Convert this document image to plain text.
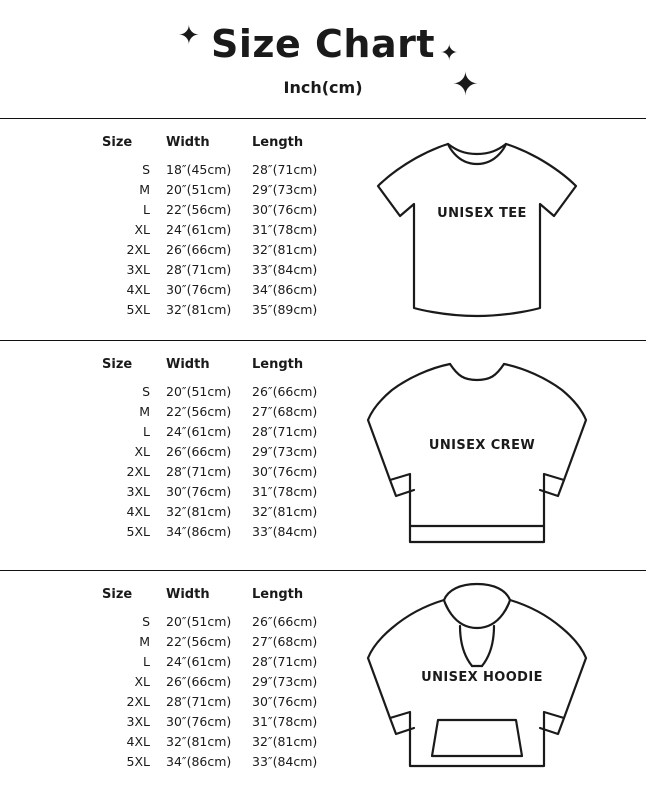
✦
✦
✦
Size Chart
Inch(cm)
Size	Width	Length
S	18″(45cm)	28″(71cm)
M	20″(51cm)	29″(73cm)
L	22″(56cm)	30″(76cm)
XL	24″(61cm)	31″(78cm)
2XL	26″(66cm)	32″(81cm)
3XL	28″(71cm)	33″(84cm)
4XL	30″(76cm)	34″(86cm)
5XL	32″(81cm)	35″(89cm)
UNISEX TEE
Size	Width	Length
S	20″(51cm)	26″(66cm)
M	22″(56cm)	27″(68cm)
L	24″(61cm)	28″(71cm)
XL	26″(66cm)	29″(73cm)
2XL	28″(71cm)	30″(76cm)
3XL	30″(76cm)	31″(78cm)
4XL	32″(81cm)	32″(81cm)
5XL	34″(86cm)	33″(84cm)
UNISEX CREW
Size	Width	Length
S	20″(51cm)	26″(66cm)
M	22″(56cm)	27″(68cm)
L	24″(61cm)	28″(71cm)
XL	26″(66cm)	29″(73cm)
2XL	28″(71cm)	30″(76cm)
3XL	30″(76cm)	31″(78cm)
4XL	32″(81cm)	32″(81cm)
5XL	34″(86cm)	33″(84cm)
UNISEX HOODIE
